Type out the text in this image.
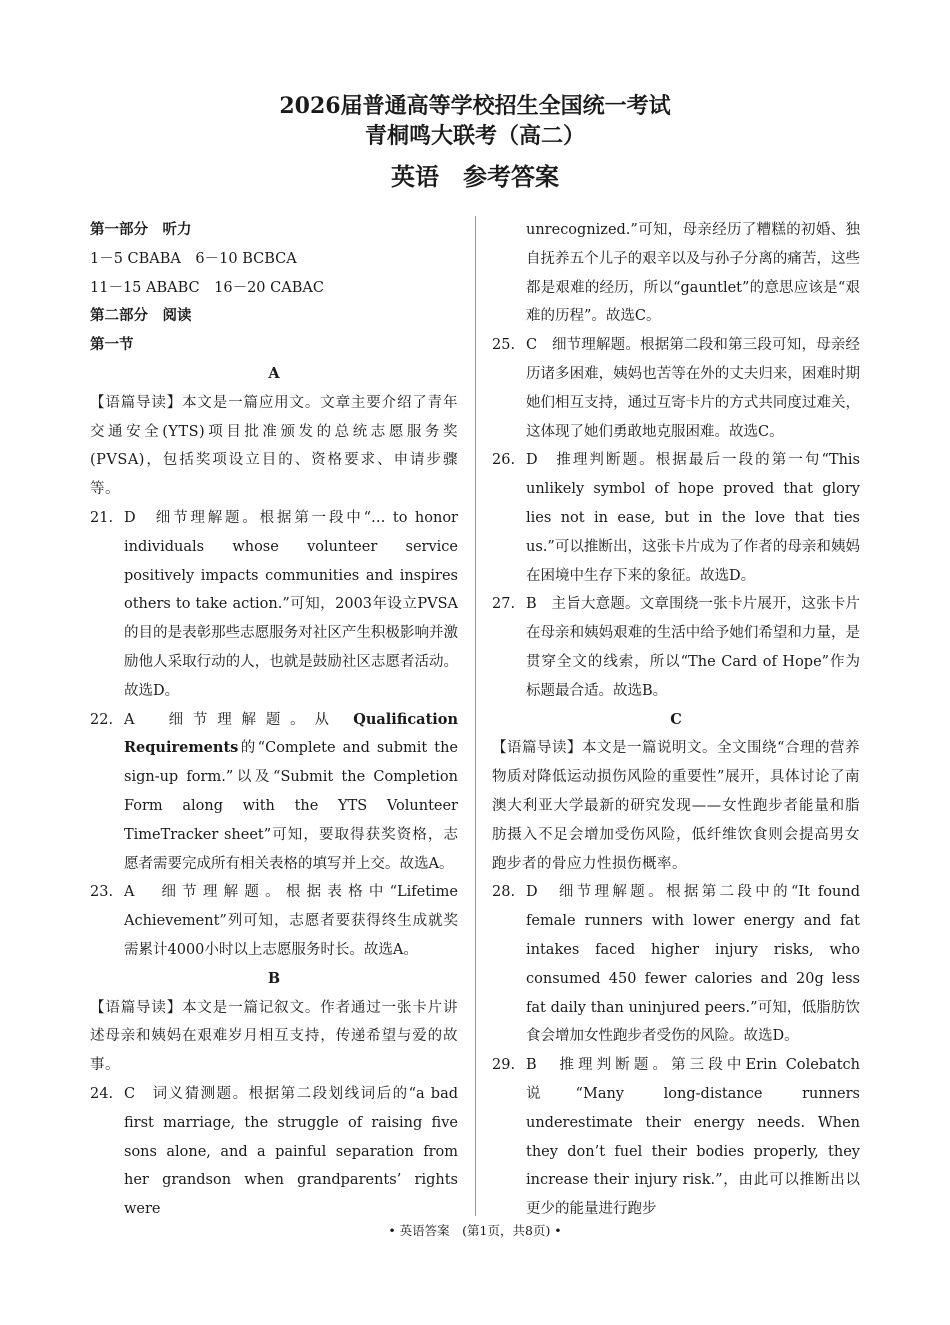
2026届普通高等学校招生全国统一考试
青桐鸣大联考（高二）
英语　参考答案
第一部分　听力
1－5 CBABA　6－10 BCBCA
11－15 ABABC　16－20 CABAC
第二部分　阅读
第一节
A
【语篇导读】本文是一篇应用文。文章主要介绍了青年交通安全(YTS)项目批准颁发的总统志愿服务奖(PVSA)，包括奖项设立目的、资格要求、申请步骤等。
21. D　细节理解题。根据第一段中“… to honor individuals whose volunteer service positively impacts communities and inspires others to take action.”可知，2003年设立PVSA的目的是表彰那些志愿服务对社区产生积极影响并激励他人采取行动的人，也就是鼓励社区志愿者活动。故选D。
22. A　细节理解题。从 Qualification Requirements的“Complete and submit the sign-up form.”以及“Submit the Completion Form along with the YTS Volunteer TimeTracker sheet”可知，要取得获奖资格，志愿者需要完成所有相关表格的填写并上交。故选A。
23. A　细节理解题。根据表格中“Lifetime Achievement”列可知，志愿者要获得终生成就奖需累计4000小时以上志愿服务时长。故选A。
B
【语篇导读】本文是一篇记叙文。作者通过一张卡片讲述母亲和姨妈在艰难岁月相互支持，传递希望与爱的故事。
24. C　词义猜测题。根据第二段划线词后的“a bad first marriage, the struggle of raising five sons alone, and a painful separation from her grandson when grandparents’ rights were
unrecognized.”可知，母亲经历了糟糕的初婚、独自抚养五个儿子的艰辛以及与孙子分离的痛苦，这些都是艰难的经历，所以“gauntlet”的意思应该是“艰难的历程”。故选C。
25. C　细节理解题。根据第二段和第三段可知，母亲经历诸多困难，姨妈也苦等在外的丈夫归来，困难时期她们相互支持，通过互寄卡片的方式共同度过难关，这体现了她们勇敢地克服困难。故选C。
26. D　推理判断题。根据最后一段的第一句“This unlikely symbol of hope proved that glory lies not in ease, but in the love that ties us.”可以推断出，这张卡片成为了作者的母亲和姨妈在困境中生存下来的象征。故选D。
27. B　主旨大意题。文章围绕一张卡片展开，这张卡片在母亲和姨妈艰难的生活中给予她们希望和力量，是贯穿全文的线索，所以“The Card of Hope”作为标题最合适。故选B。
C
【语篇导读】本文是一篇说明文。全文围绕“合理的营养物质对降低运动损伤风险的重要性”展开，具体讨论了南澳大利亚大学最新的研究发现——女性跑步者能量和脂肪摄入不足会增加受伤风险，低纤维饮食则会提高男女跑步者的骨应力性损伤概率。
28. D　细节理解题。根据第二段中的“It found female runners with lower energy and fat intakes faced higher injury risks, who consumed 450 fewer calories and 20g less fat daily than uninjured peers.”可知，低脂肪饮食会增加女性跑步者受伤的风险。故选D。
29. B　推理判断题。第三段中Erin Colebatch说“Many long-distance runners underestimate their energy needs. When they don’t fuel their bodies properly, they increase their injury risk.”，由此可以推断出以更少的能量进行跑步
• 英语答案　(第1页，共8页) •
